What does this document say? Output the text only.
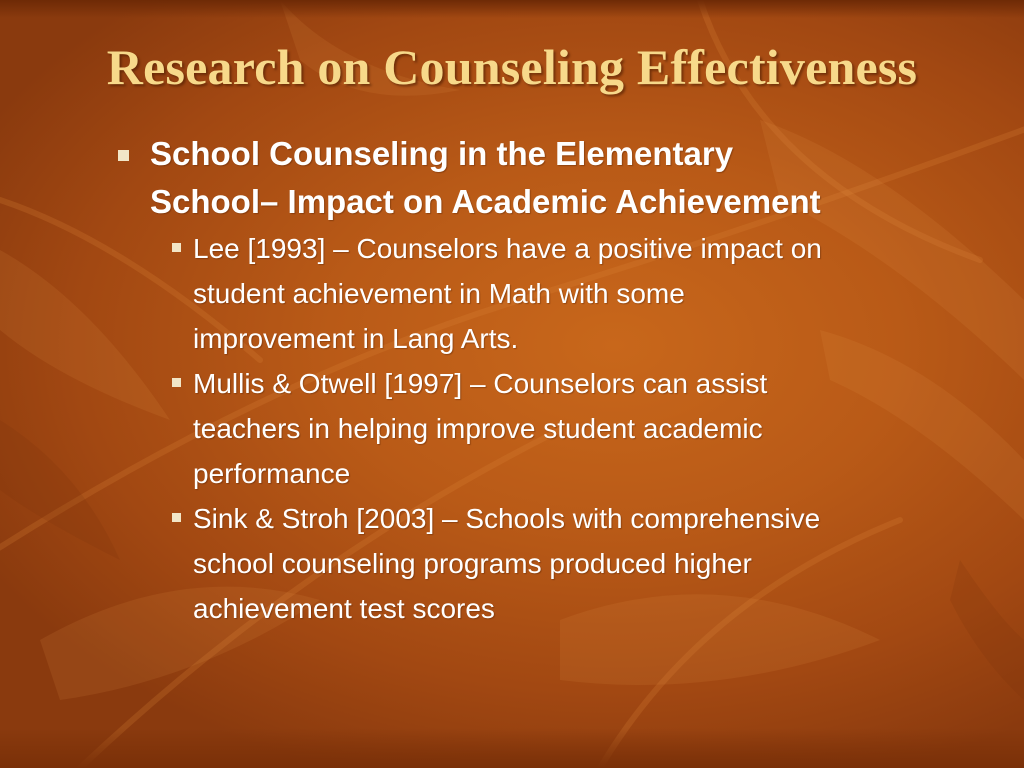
Research on Counseling Effectiveness
School Counseling in the Elementary
School– Impact on Academic Achievement
Lee [1993] – Counselors have a positive impact on
student achievement in Math with some
improvement in Lang Arts.
Mullis & Otwell [1997] – Counselors can assist
teachers in helping improve student academic
performance
Sink & Stroh [2003] – Schools with comprehensive
school counseling programs produced higher
achievement test scores
